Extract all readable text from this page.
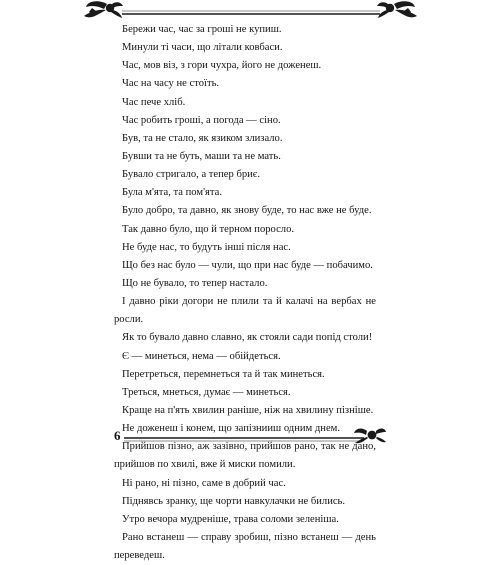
Бережи час, час за гроші не купиш.
Минули ті часи, що літали ковбаси.
Час, мов віз, з гори чухра, його не доженеш.
Час на часу не стоїть.
Час пече хліб.
Час робить гроші, а погода — сіно.
Був, та не стало, як язиком злизало.
Бувши та не буть, маши та не мать.
Бувало стригало, а тепер бриє.
Була м'ята, та пом'ята.
Було добро, та давно, як знову буде, то нас вже не буде.
Так давно було, що й терном поросло.
Не буде нас, то будуть інші після нас.
Що без нас було — чули, що при нас буде — побачимо.
Що не бувало, то тепер настало.
І давно ріки догори не плили та й калачі на вербах не росли.
Як то бувало давно славно, як стояли сади попід столи!
Є — минеться, нема — обійдеться.
Перетреться, перемнеться та й так минеться.
Треться, мнеться, думає — минеться.
Краще на п'ять хвилин раніше, ніж на хвилину пізніше.
Не доженеш і конем, що запізнииш одним днем.
Прийшов пізно, аж зазівно, прийшов рано, так не дано, прийшов по хвилі, вже й миски помили.
Ні рано, ні пізно, саме в добрий час.
Піднявсь зранку, ще чорти навкулачки не бились.
Утро вечора мудреніше, трава соломи зеленіша.
Рано встанеш — справу зробиш, пізно встанеш — день переведеш.
6
